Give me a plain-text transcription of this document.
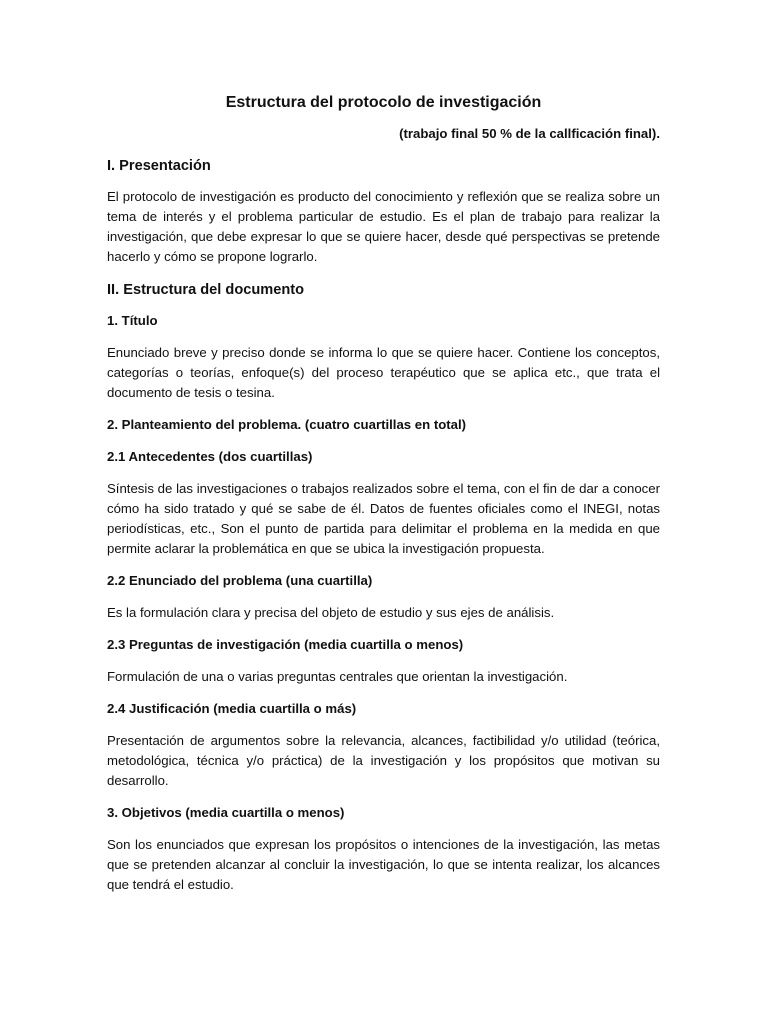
Estructura del protocolo de investigación
(trabajo final 50 % de la callficación final).
I. Presentación
El protocolo de investigación es producto del conocimiento y reflexión que se realiza sobre un tema de interés y el problema particular de estudio. Es el plan de trabajo para realizar la investigación, que debe expresar lo que se quiere hacer, desde qué perspectivas se pretende hacerlo y cómo se propone lograrlo.
II. Estructura del documento
1. Título
Enunciado breve y preciso donde se informa lo que se quiere hacer. Contiene los conceptos, categorías o teorías, enfoque(s) del proceso terapéutico que se aplica etc., que trata el documento de tesis o tesina.
2. Planteamiento del problema. (cuatro cuartillas en total)
2.1 Antecedentes (dos cuartillas)
Síntesis de las investigaciones o trabajos realizados sobre el tema, con el fin de dar a conocer cómo ha sido tratado y qué se sabe de él. Datos de fuentes oficiales como el INEGI, notas periodísticas, etc., Son el punto de partida para delimitar el problema en la medida en que permite aclarar la problemática en que se ubica la investigación propuesta.
2.2 Enunciado del problema (una cuartilla)
Es la formulación clara y precisa del objeto de estudio y sus ejes de análisis.
2.3 Preguntas de investigación (media cuartilla o menos)
Formulación de una o varias preguntas centrales que orientan la investigación.
2.4 Justificación (media cuartilla o más)
Presentación de argumentos sobre la relevancia, alcances, factibilidad y/o utilidad (teórica, metodológica, técnica y/o práctica) de la investigación y los propósitos que motivan su desarrollo.
3. Objetivos (media cuartilla o menos)
Son los enunciados que expresan los propósitos o intenciones de la investigación, las metas que se pretenden alcanzar al concluir la investigación, lo que se intenta realizar, los alcances que tendrá el estudio.
